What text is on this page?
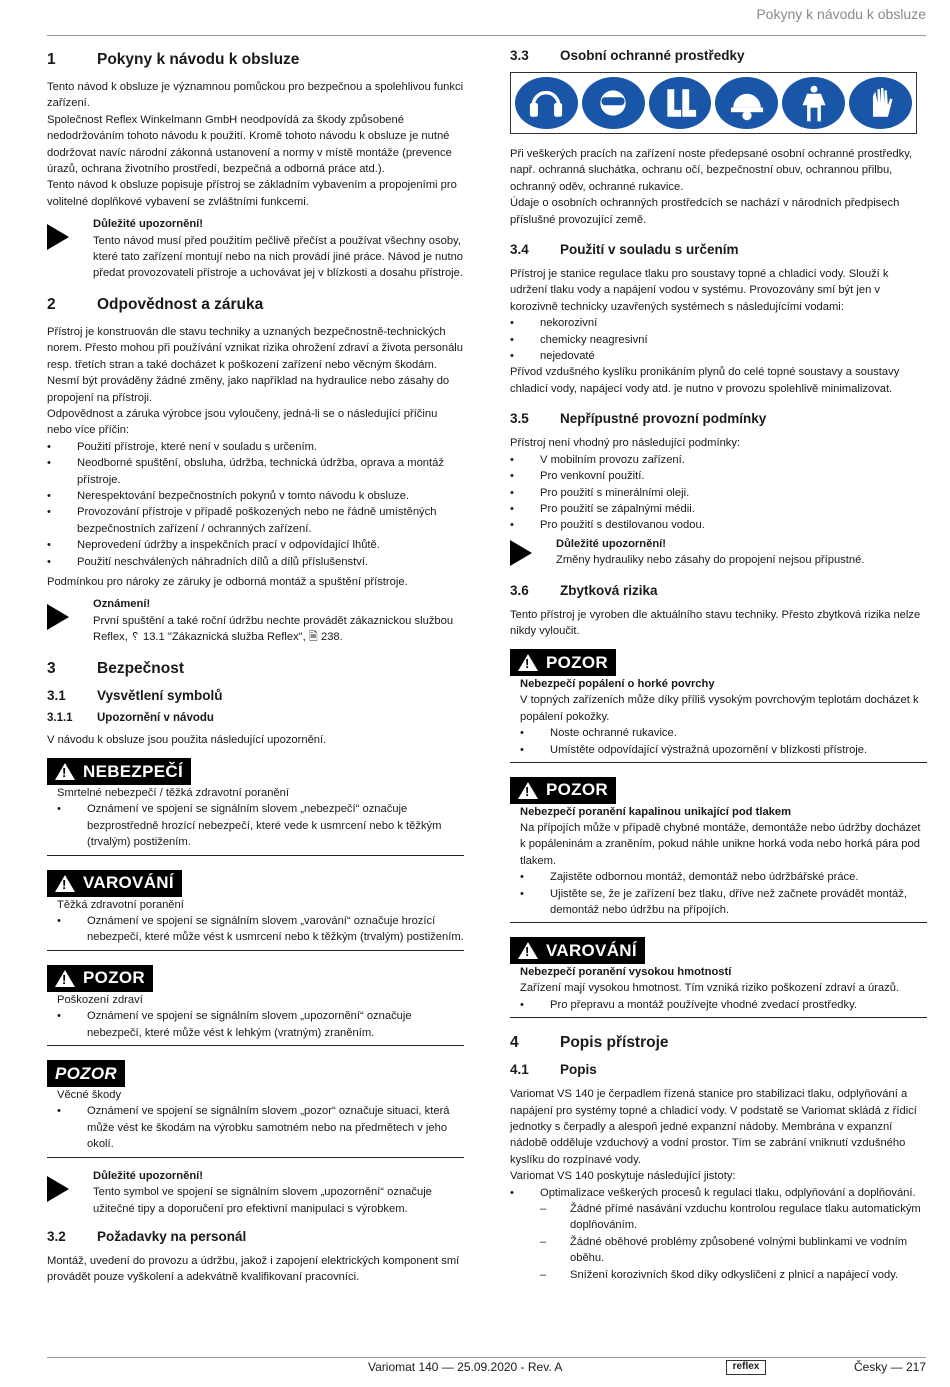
Pokyny k návodu k obsluze
1	Pokyny k návodu k obsluze

Tento návod k obsluze je významnou pomůckou pro bezpečnou a spolehlivou funkci zařízení.
Společnost Reflex Winkelmann GmbH neodpovídá za škody způsobené nedodržováním tohoto návodu k použití. Kromě tohoto návodu k obsluze je nutné dodržovat navíc národní zákonná ustanovení a normy v místě montáže (prevence úrazů, ochrana životního prostředí, bezpečná a odborná práce atd.).
Tento návod k obsluze popisuje přístroj se základním vybavením a propojeními pro volitelné doplňkové vybavení se zvláštními funkcemi.

Důležité upozornění!
Tento návod musí před použitím pečlivě přečíst a používat všechny osoby, které tato zařízení montují nebo na nich provádí jiné práce. Návod je nutno předat provozovateli přístroje a uchovávat jej v blízkosti a dosahu přístroje.
2	Odpovědnost a záruka

Přístroj je konstruován dle stavu techniky a uznaných bezpečnostně-technických norem. Přesto mohou při používání vznikat rizika ohrožení zdraví a života personálu resp. třetích stran a také docházet k poškození zařízení nebo věcným škodám.
Nesmí být prováděny žádné změny, jako například na hydraulice nebo zásahy do propojení na přístroji.
Odpovědnost a záruka výrobce jsou vyloučeny, jedná-li se o následující příčinu nebo více příčin:

• Použití přístroje, které není v souladu s určením.
• Neodborné spuštění, obsluha, údržba, technická údržba, oprava a montáž přístroje.
• Nerespektování bezpečnostních pokynů v tomto návodu k obsluze.
• Provozování přístroje v případě poškozených nebo ne řádně umístěných bezpečnostních zařízení / ochranných zařízení.
• Neprovedení údržby a inspekčních prací v odpovídající lhůtě.
• Použití neschválených náhradních dílů a dílů příslušenství.

Podmínkou pro nároky ze záruky je odborná montáž a spuštění přístroje.

Oznámení!
První spuštění a také roční údržbu nechte provádět zákaznickou službou Reflex, ␦ 13.1 "Zákaznická služba Reflex", 🗎 238.
3	Bezpečnost
3.1	Vysvětlení symbolů
3.1.1	Upozornění v návodu

V návodu k obsluze jsou použita následující upozornění.

!
NEBEZPEČÍ

Smrtelné nebezpečí / těžká zdravotní poranění

• Oznámení ve spojení se signálním slovem „nebezpečí“ označuje bezprostředně hrozící nebezpečí, které vede k usmrcení nebo k těžkým (trvalým) postižením.
!
VAROVÁNÍ

Těžká zdravotní poranění

• Oznámení ve spojení se signálním slovem „varování“ označuje hrozící nebezpečí, které může vést k usmrcení nebo k těžkým (trvalým) postižením.
!
POZOR

Poškození zdraví

• Oznámení ve spojení se signálním slovem „upozornění“ označuje nebezpečí, které může vést k lehkým (vratným) zraněním.
POZOR

Věcné škody

• Oznámení ve spojení se signálním slovem „pozor“ označuje situaci, která může vést ke škodám na výrobku samotném nebo na předmětech v jeho okolí.
Důležité upozornění!
Tento symbol ve spojení se signálním slovem „upozornění“ označuje užitečné tipy a doporučení pro efektivní manipulaci s výrobkem.
3.2	Požadavky na personál

Montáž, uvedení do provozu a údržbu, jakož i zapojení elektrických komponent smí provádět pouze vyškolení a adekvátně kvalifikovaní pracovníci.

3.3	Osobní ochranné prostředky

Při veškerých pracích na zařízení noste předepsané osobní ochranné prostředky, např. ochranná sluchátka, ochranu očí, bezpečnostní obuv, ochrannou přilbu, ochranný oděv, ochranné rukavice.
Údaje o osobních ochranných prostředcích se nachází v národních předpisech příslušné provozující země.

3.4	Použití v souladu s určením

Přístroj je stanice regulace tlaku pro soustavy topné a chladicí vody. Slouží k udržení tlaku vody a napájení vodou v systému. Provozovány smí být jen v korozivně technicky uzavřených systémech s následujícími vodami:

• nekorozivní
• chemicky neagresivní
• nejedovaté

Přívod vzdušného kyslíku pronikáním plynů do celé topné soustavy a soustavy chladicí vody, napájecí vody atd. je nutno v provozu spolehlivě minimalizovat.

3.5	Nepřípustné provozní podmínky

Přístroj není vhodný pro následující podmínky:

• V mobilním provozu zařízení.
• Pro venkovní použití.
• Pro použití s minerálními oleji.
• Pro použití se zápalnými médii.
• Pro použití s destilovanou vodou.
Důležité upozornění!
Změny hydrauliky nebo zásahy do propojení nejsou přípustné.
3.6	Zbytková rizika

Tento přístroj je vyroben dle aktuálního stavu techniky. Přesto zbytková rizika nelze nikdy vyloučit.

!
POZOR
Nebezpečí popálení o horké povrchy

V topných zařízeních může díky příliš vysokým povrchovým teplotám docházet k popálení pokožky.

• Noste ochranné rukavice.
• Umístěte odpovídající výstražná upozornění v blízkosti přístroje.
!
POZOR
Nebezpečí poranění kapalinou unikající pod tlakem

Na přípojích může v případě chybné montáže, demontáže nebo údržby docházet k popáleninám a zraněním, pokud náhle unikne horká voda nebo horká pára pod tlakem.

• Zajistěte odbornou montáž, demontáž nebo údržbářské práce.
• Ujistěte se, že je zařízení bez tlaku, dříve než začnete provádět montáž, demontáž nebo údržbu na přípojích.
!
VAROVÁNÍ
Nebezpečí poranění vysokou hmotností

Zařízení mají vysokou hmotnost. Tím vzniká riziko poškození zdraví a úrazů.

• Pro přepravu a montáž používejte vhodné zvedací prostředky.
4	Popis přístroje
4.1	Popis

Variomat VS 140 je čerpadlem řízená stanice pro stabilizaci tlaku, odplyňování a napájení pro systémy topné a chladicí vody. V podstatě se Variomat skládá z řídicí jednotky s čerpadly a alespoň jedné expanzní nádoby. Membrána v expanzní nádobě odděluje vzduchový a vodní prostor. Tím se zabrání vniknutí vzdušného kyslíku do rozpínavé vody.
Variomat VS 140 poskytuje následující jistoty:

• Optimalizace veškerých procesů k regulaci tlaku, odplyňování a doplňování.
– Žádné přímé nasávání vzduchu kontrolou regulace tlaku automatickým doplňováním.
– Žádné oběhové problémy způsobené volnými bublinkami ve vodním oběhu.
– Snížení korozivních škod díky odkysličení z plnicí a napájecí vody.
Variomat 140 — 25.09.2020 - Rev. A	reflex	Česky — 217
